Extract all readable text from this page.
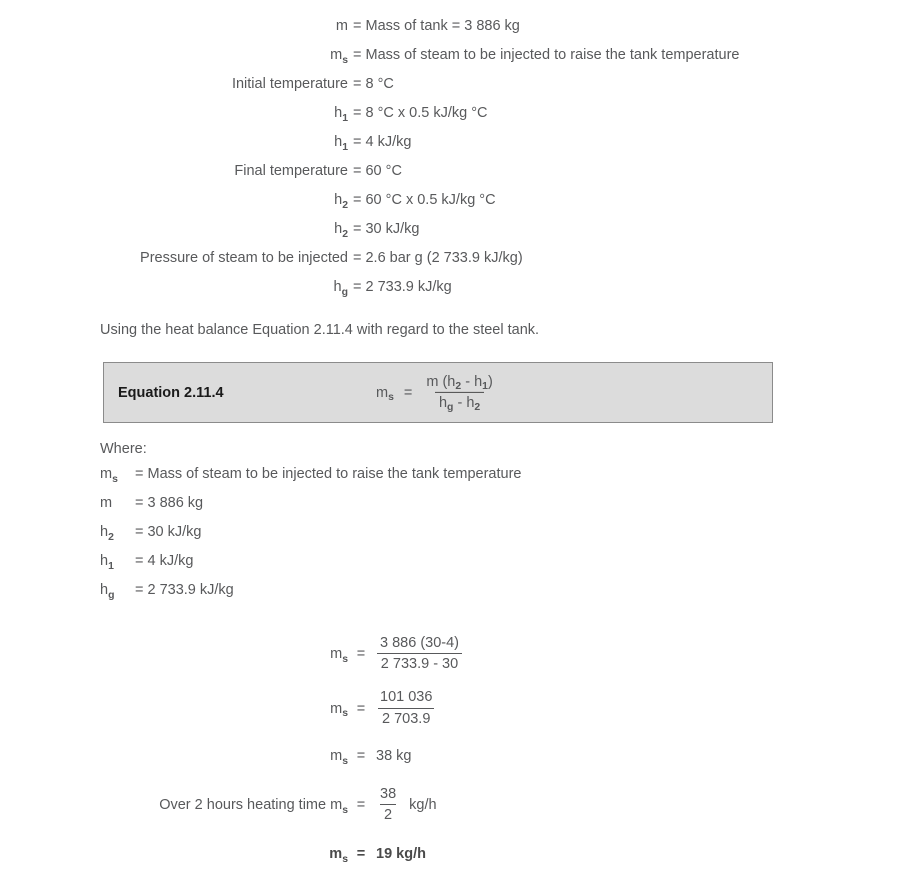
m = Mass of tank = 3 886 kg
$m_s$ = Mass of steam to be injected to raise the tank temperature
Initial temperature = 8 °C
$h_1 = 8$ °C x 0.5 kJ/kg °C
$h_1 = 4$ kJ/kg
Final temperature = 60 °C
$h_2 = 60$ °C x 0.5 kJ/kg °C
$h_2 = 30$ kJ/kg
Pressure of steam to be injected = 2.6 bar g (2 733.9 kJ/kg)
$h_g = 2$ 733.9 kJ/kg
Using the heat balance Equation 2.11.4 with regard to the steel tank.
Equation 2.11.4	$m_s = \frac{m (h_2 - h_1)}{h_g - h_2}$
Where:
$m_s$	= Mass of steam to be injected to raise the tank temperature
m	= 3 886 kg
$h_2$	= 30 kJ/kg
$h_1$	= 4 kJ/kg
$h_g$	= 2 733.9 kJ/kg
$m_s = \frac{3 886 (30-4)}{2 733.9 - 30}$
$m_s = \frac{101 036}{2 703.9}$
$m_s = 38$ kg
Over 2 hours heating time $m_s = \frac{38}{2} kg/h$
$m_s = 19$ kg/h
